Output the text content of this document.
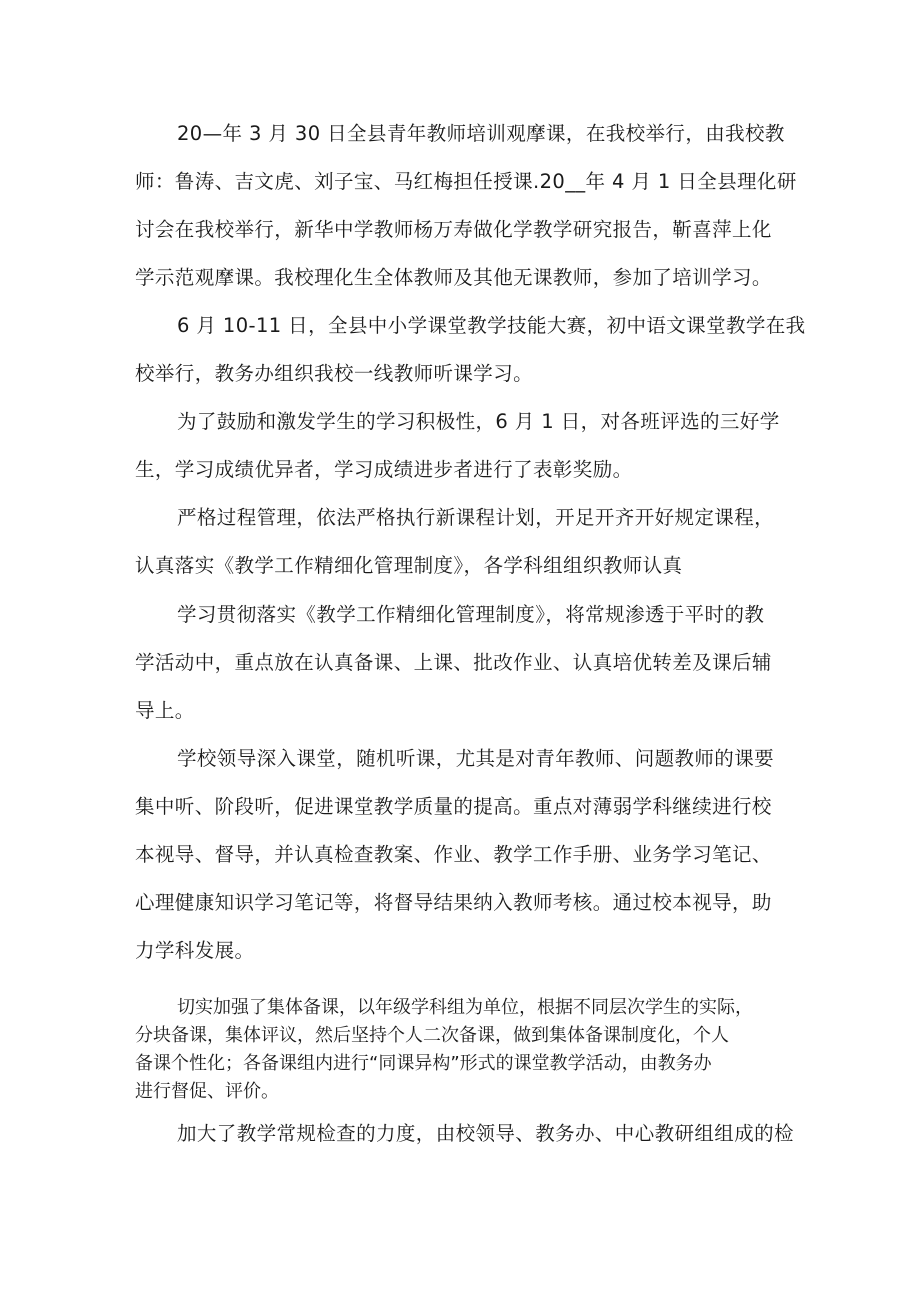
20—年 3 月 30 日全县青年教师培训观摩课，在我校举行，由我校教
师：鲁涛、吉文虎、刘子宝、马红梅担任授课.20__年 4 月 1 日全县理化研
讨会在我校举行，新华中学教师杨万寿做化学教学研究报告，靳喜萍上化
学示范观摩课。我校理化生全体教师及其他无课教师，参加了培训学习。
6 月 10-11 日，全县中小学课堂教学技能大赛，初中语文课堂教学在我
校举行，教务办组织我校一线教师听课学习。
为了鼓励和激发学生的学习积极性，6 月 1 日，对各班评选的三好学
生，学习成绩优异者，学习成绩进步者进行了表彰奖励。
严格过程管理，依法严格执行新课程计划，开足开齐开好规定课程，
认真落实《教学工作精细化管理制度》，各学科组组织教师认真
学习贯彻落实《教学工作精细化管理制度》，将常规渗透于平时的教
学活动中，重点放在认真备课、上课、批改作业、认真培优转差及课后辅
导上。
学校领导深入课堂，随机听课，尤其是对青年教师、问题教师的课要
集中听、阶段听，促进课堂教学质量的提高。重点对薄弱学科继续进行校
本视导、督导，并认真检查教案、作业、教学工作手册、业务学习笔记、
心理健康知识学习笔记等，将督导结果纳入教师考核。通过校本视导，助
力学科发展。
切实加强了集体备课，以年级学科组为单位，根据不同层次学生的实际，
分块备课，集体评议，然后坚持个人二次备课，做到集体备课制度化，个人
备课个性化；各备课组内进行“同课异构”形式的课堂教学活动，由教务办
进行督促、评价。
加大了教学常规检查的力度，由校领导、教务办、中心教研组组成的检
